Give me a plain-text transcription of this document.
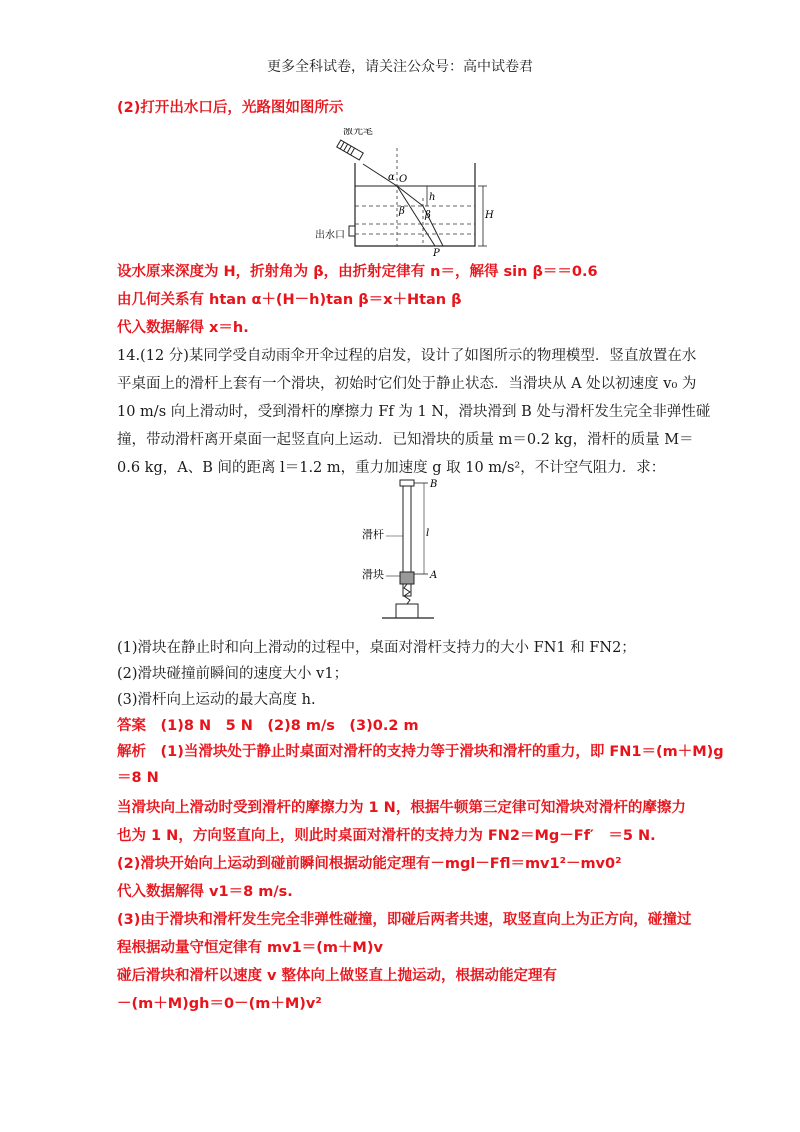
更多全科试卷，请关注公众号：高中试卷君
(2)打开出水口后，光路图如图所示
激光笔
出水口
O
α
β β
h
H
P
设水原来深度为 H，折射角为 β，由折射定律有 n＝，解得 sin β＝＝0.6
由几何关系有 htan α＋(H－h)tan β＝x＋Htan β
代入数据解得 x＝h.
14.(12 分)某同学受自动雨伞开伞过程的启发，设计了如图所示的物理模型．竖直放置在水
平桌面上的滑杆上套有一个滑块，初始时它们处于静止状态．当滑块从 A 处以初速度 v₀ 为
10 m/s 向上滑动时，受到滑杆的摩擦力 Ff 为 1 N，滑块滑到 B 处与滑杆发生完全非弹性碰
撞，带动滑杆离开桌面一起竖直向上运动．已知滑块的质量 m＝0.2 kg，滑杆的质量 M＝
0.6 kg，A、B 间的距离 l＝1.2 m，重力加速度 g 取 10 m/s²，不计空气阻力．求：
B
A
l
滑杆
滑块
(1)滑块在静止时和向上滑动的过程中，桌面对滑杆支持力的大小 FN1 和 FN2；
(2)滑块碰撞前瞬间的速度大小 v1；
(3)滑杆向上运动的最大高度 h.
答案　(1)8 N　5 N　(2)8 m/s　(3)0.2 m
解析　(1)当滑块处于静止时桌面对滑杆的支持力等于滑块和滑杆的重力，即 FN1＝(m＋M)g
＝8 N
当滑块向上滑动时受到滑杆的摩擦力为 1 N，根据牛顿第三定律可知滑块对滑杆的摩擦力
也为 1 N，方向竖直向上，则此时桌面对滑杆的支持力为 FN2＝Mg－Ff′　＝5 N.
(2)滑块开始向上运动到碰前瞬间根据动能定理有－mgl－Ffl＝mv1²－mv0²
代入数据解得 v1＝8 m/s.
(3)由于滑块和滑杆发生完全非弹性碰撞，即碰后两者共速，取竖直向上为正方向，碰撞过
程根据动量守恒定律有 mv1＝(m＋M)v
碰后滑块和滑杆以速度 v 整体向上做竖直上抛运动，根据动能定理有
－(m＋M)gh＝0－(m＋M)v²
